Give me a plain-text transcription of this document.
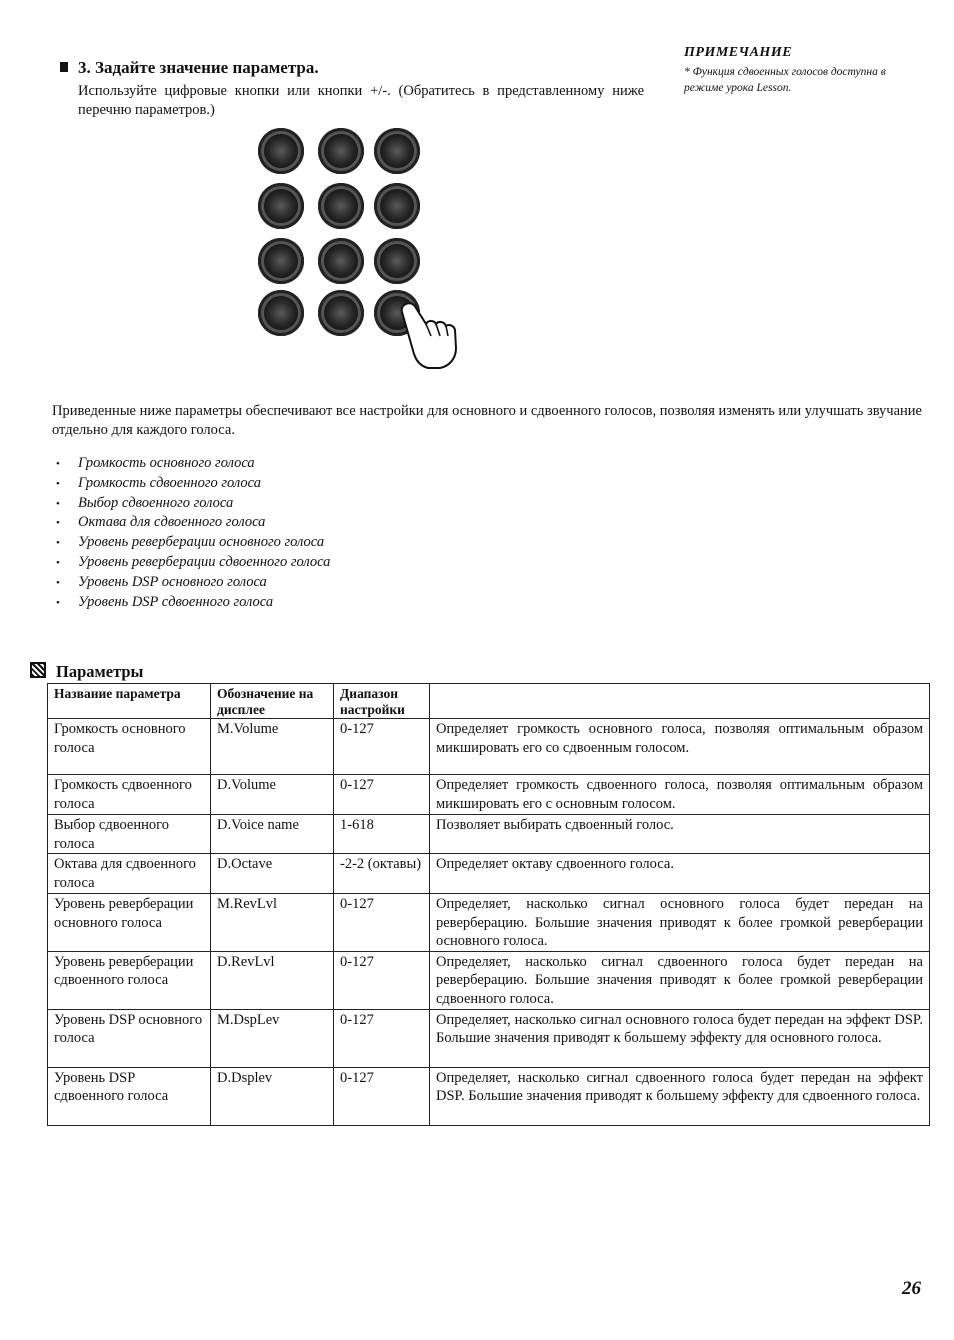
3. Задайте значение параметра.
Используйте цифровые кнопки или кнопки +/-. (Обратитесь в представленному ниже перечню параметров.)
ПРИМЕЧАНИЕ
* Функция сдвоенных голосов доступна в режиме урока Lesson.
Приведенные ниже параметры обеспечивают все настройки для основного и сдвоенного голосов, позволяя изменять или улучшать звучание отдельно для каждого голоса.
• Громкость основного голоса
• Громкость сдвоенного голоса
• Выбор сдвоенного голоса
• Октава для сдвоенного голоса
• Уровень реверберации основного голоса
• Уровень реверберации сдвоенного голоса
• Уровень DSP основного голоса
• Уровень DSP сдвоенного голоса
Параметры
Название параметра	Обозначение на дисплее	Диапазон настройки	
Громкость основного голоса	M.Volume	0-127	Определяет громкость основного голоса, позволяя оптимальным образом микшировать его со сдвоенным голосом.
Громкость сдвоенного голоса	D.Volume	0-127	Определяет громкость сдвоенного голоса, позволяя оптимальным образом микшировать его с основным голосом.
Выбор сдвоенного голоса	D.Voice name	1-618	Позволяет выбирать сдвоенный голос.
Октава для сдвоенного голоса	D.Octave	-2-2 (октавы)	Определяет октаву сдвоенного голоса.
Уровень реверберации основного голоса	M.RevLvl	0-127	Определяет, насколько сигнал основного голоса будет передан на реверберацию. Большие значения приводят к более громкой реверберации основного голоса.
Уровень реверберации сдвоенного голоса	D.RevLvl	0-127	Определяет, насколько сигнал сдвоенного голоса будет передан на реверберацию. Большие значения приводят к более громкой реверберации сдвоенного голоса.
Уровень DSP основного голоса	M.DspLev	0-127	Определяет, насколько сигнал основного голоса будет передан на эффект DSP. Большие значения приводят к большему эффекту для основного голоса.
Уровень DSP сдвоенного голоса	D.Dsplev	0-127	Определяет, насколько сигнал сдвоенного голоса будет передан на эффект DSP. Большие значения приводят к большему эффекту для сдвоенного голоса.
26
